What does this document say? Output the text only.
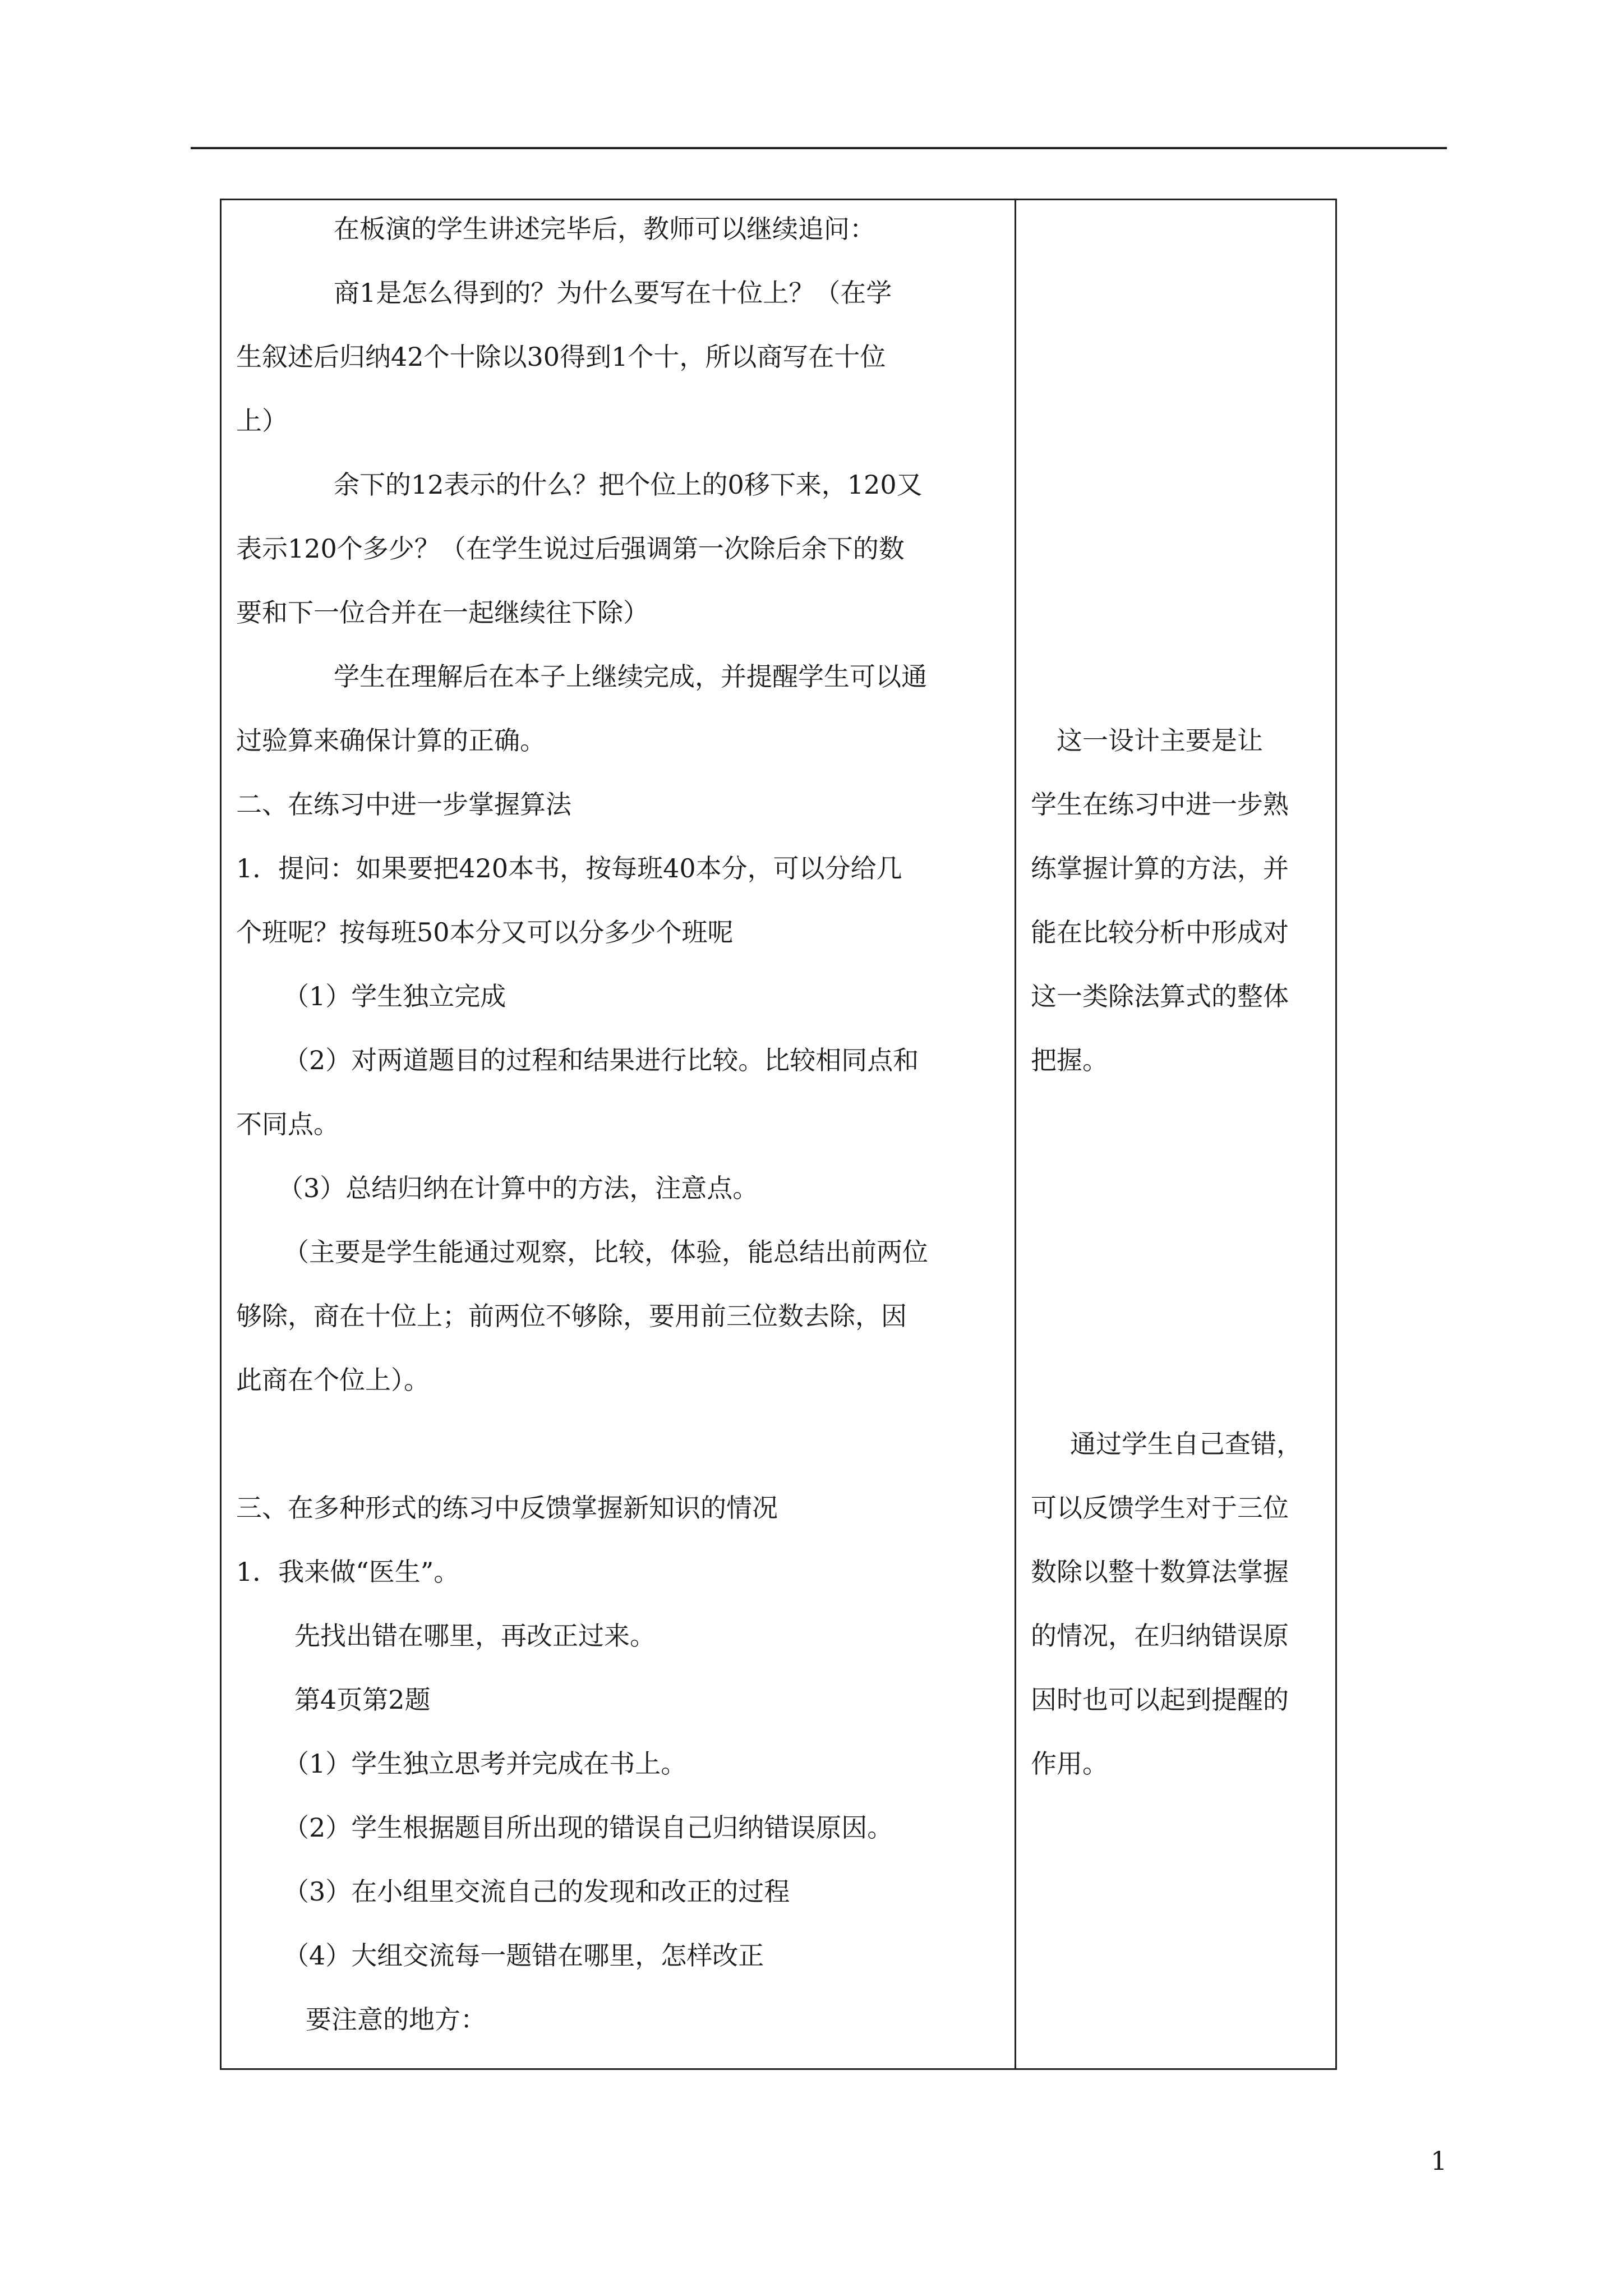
在板演的学生讲述完毕后，教师可以继续追问：
商1是怎么得到的？为什么要写在十位上？（在学
生叙述后归纳42个十除以30得到1个十，所以商写在十位
上）
余下的12表示的什么？把个位上的0移下来，120又
表示120个多少？（在学生说过后强调第一次除后余下的数
要和下一位合并在一起继续往下除）
学生在理解后在本子上继续完成，并提醒学生可以通
过验算来确保计算的正确。
二、在练习中进一步掌握算法
1．提问：如果要把420本书，按每班40本分，可以分给几
个班呢？按每班50本分又可以分多少个班呢
（1）学生独立完成
（2）对两道题目的过程和结果进行比较。比较相同点和
不同点。
（3）总结归纳在计算中的方法，注意点。
（主要是学生能通过观察，比较，体验，能总结出前两位
够除，商在十位上；前两位不够除，要用前三位数去除，因
此商在个位上）。
三、在多种形式的练习中反馈掌握新知识的情况
1．我来做“医生”。
先找出错在哪里，再改正过来。
第4页第2题
（1）学生独立思考并完成在书上。
（2）学生根据题目所出现的错误自己归纳错误原因。
（3）在小组里交流自己的发现和改正的过程
（4）大组交流每一题错在哪里，怎样改正
要注意的地方：
这一设计主要是让
学生在练习中进一步熟
练掌握计算的方法，并
能在比较分析中形成对
这一类除法算式的整体
把握。
通过学生自己查错，
可以反馈学生对于三位
数除以整十数算法掌握
的情况，在归纳错误原
因时也可以起到提醒的
作用。
1
